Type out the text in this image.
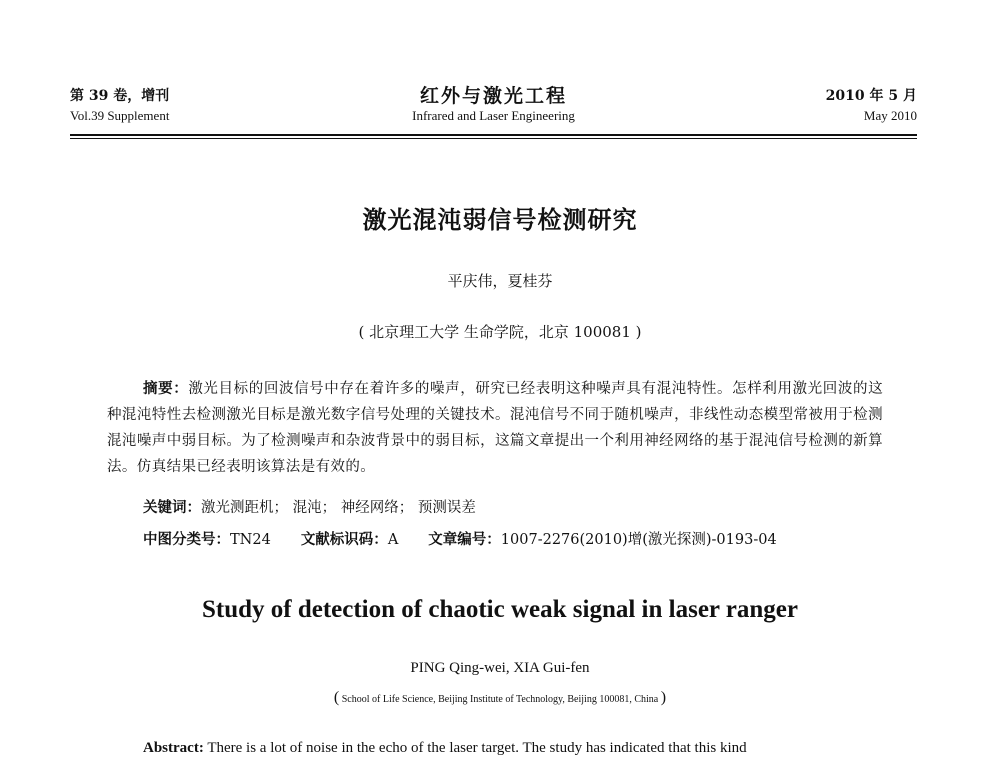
第 39 卷，增刊
Vol.39 Supplement
红外与激光工程
Infrared and Laser Engineering
2010 年 5 月
May 2010
激光混沌弱信号检测研究
平庆伟，夏桂芬
( 北京理工大学 生命学院，北京 100081 )
摘要：激光目标的回波信号中存在着许多的噪声，研究已经表明这种噪声具有混沌特性。怎样利用激光回波的这种混沌特性去检测激光目标是激光数字信号处理的关键技术。混沌信号不同于随机噪声，非线性动态模型常被用于检测混沌噪声中弱目标。为了检测噪声和杂波背景中的弱目标，这篇文章提出一个利用神经网络的基于混沌信号检测的新算法。仿真结果已经表明该算法是有效的。
关键词：激光测距机； 混沌； 神经网络； 预测误差
中图分类号：TN24 文献标识码：A 文章编号：1007-2276(2010)增(激光探测)-0193-04
Study of detection of chaotic weak signal in laser ranger
PING Qing-wei, XIA Gui-fen
( School of Life Science, Beijing Institute of Technology, Beijing 100081, China )
Abstract: There is a lot of noise in the echo of the laser target. The study has indicated that this kind
